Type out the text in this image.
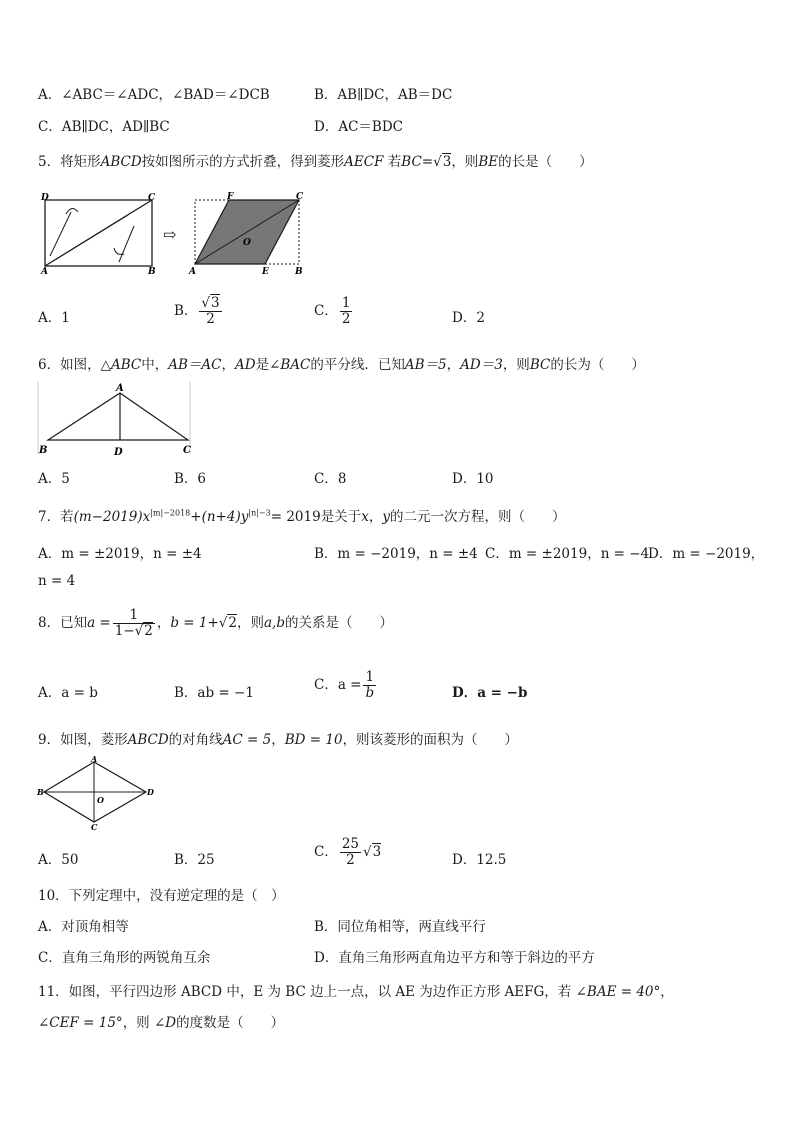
A．∠ABC＝∠ADC，∠BAD＝∠DCB	B．AB∥DC，AB＝DC
C．AB∥DC，AD∥BC	D．AC＝BDC
5．将矩形ABCD按如图所示的方式折叠，得到菱形AECF 若BC=√3，则BE的长是（　　）
D	C
A	B
⇨
F	C
O
A	E	B
A．1	B． $\frac{√3}{2}$	C． $\frac{1}{2}$	D．2
6．如图，△ABC中，AB＝AC，AD是∠BAC的平分线．已知AB＝5，AD＝3，则BC的长为（　　）
A
B	D	C
A．5	B．6	C．8	D．10
7．若$(m-2019)x^{|m|-2018}+(n+4)y^{|n|-3}= 2019$是关于x，y的二元一次方程，则（　　）
A．m = ±2019，n = ±4	B．m = −2019，n = ±4 C．m = ±2019，n = −4
D．m = −2019，
n = 4
8．已知$a = \frac{1}{1-√2}$ ，b = 1+√2，则a,b的关系是（　　）
A．a = b	B．ab = −1
C．$a = \frac{1}{b}$	D．a = −b
9．如图，菱形ABCD的对角线AC = 5，BD = 10，则该菱形的面积为（　　）
A
B
C
D
O
A．50	B．25
C． $\frac{25}{2} √3$
D．12.5
10．下列定理中，没有逆定理的是（　）
A．对顶角相等	B．同位角相等，两直线平行
C．直角三角形的两锐角互余	D．直角三角形两直角边平方和等于斜边的平方
11．如图，平行四边形 ABCD 中，E 为 BC 边上一点，以 AE 为边作正方形 AEFG，若 ∠BAE = 40°，
∠CEF = 15°，则 ∠D的度数是（　　）
